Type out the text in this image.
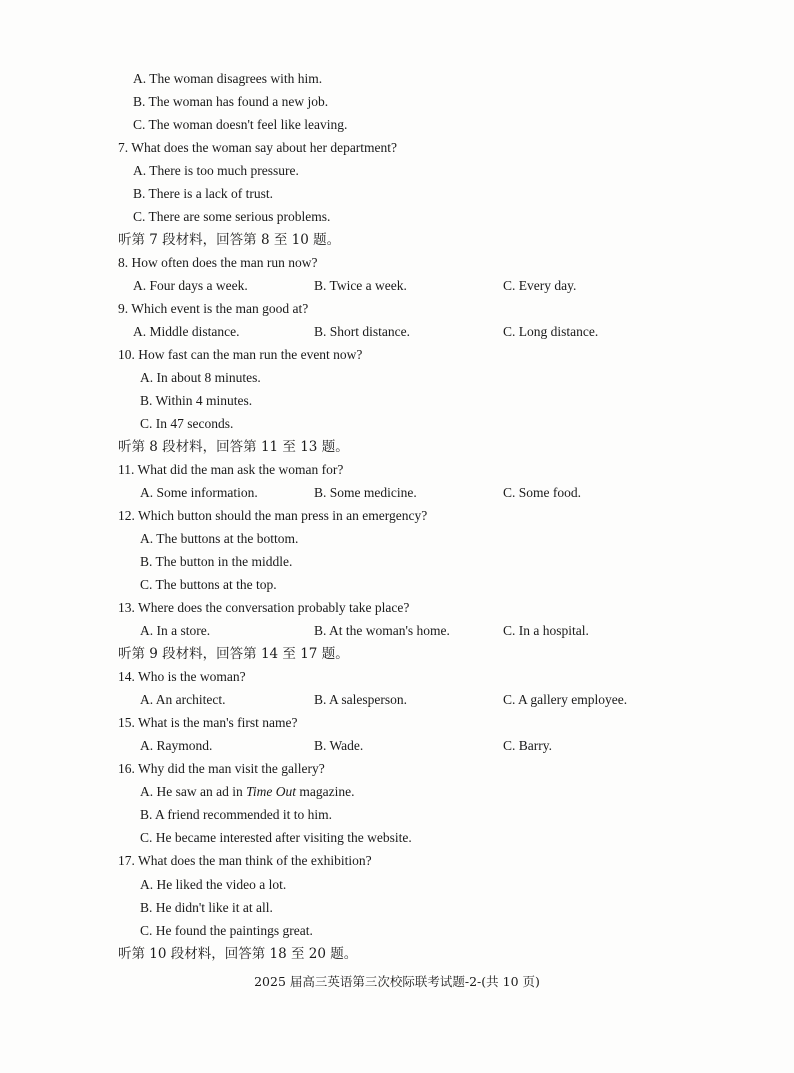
A. The woman disagrees with him.
B. The woman has found a new job.
C. The woman doesn't feel like leaving.
7. What does the woman say about her department?
A. There is too much pressure.
B. There is a lack of trust.
C. There are some serious problems.
听第 7 段材料，回答第 8 至 10 题。
8. How often does the man run now?
A. Four days a week.	B. Twice a week.	C. Every day.
9. Which event is the man good at?
A. Middle distance.	B. Short distance.	C. Long distance.
10. How fast can the man run the event now?
A. In about 8 minutes.
B. Within 4 minutes.
C. In 47 seconds.
听第 8 段材料，回答第 11 至 13 题。
11. What did the man ask the woman for?
A. Some information.	B. Some medicine.	C. Some food.
12. Which button should the man press in an emergency?
A. The buttons at the bottom.
B. The button in the middle.
C. The buttons at the top.
13. Where does the conversation probably take place?
A. In a store.	B. At the woman's home.	C. In a hospital.
听第 9 段材料，回答第 14 至 17 题。
14. Who is the woman?
A. An architect.	B. A salesperson.	C. A gallery employee.
15. What is the man's first name?
A. Raymond.	B. Wade.	C. Barry.
16. Why did the man visit the gallery?
A. He saw an ad in Time Out magazine.
B. A friend recommended it to him.
C. He became interested after visiting the website.
17. What does the man think of the exhibition?
A. He liked the video a lot.
B. He didn't like it at all.
C. He found the paintings great.
听第 10 段材料，回答第 18 至 20 题。
2025 届高三英语第三次校际联考试题-2-(共 10 页)
